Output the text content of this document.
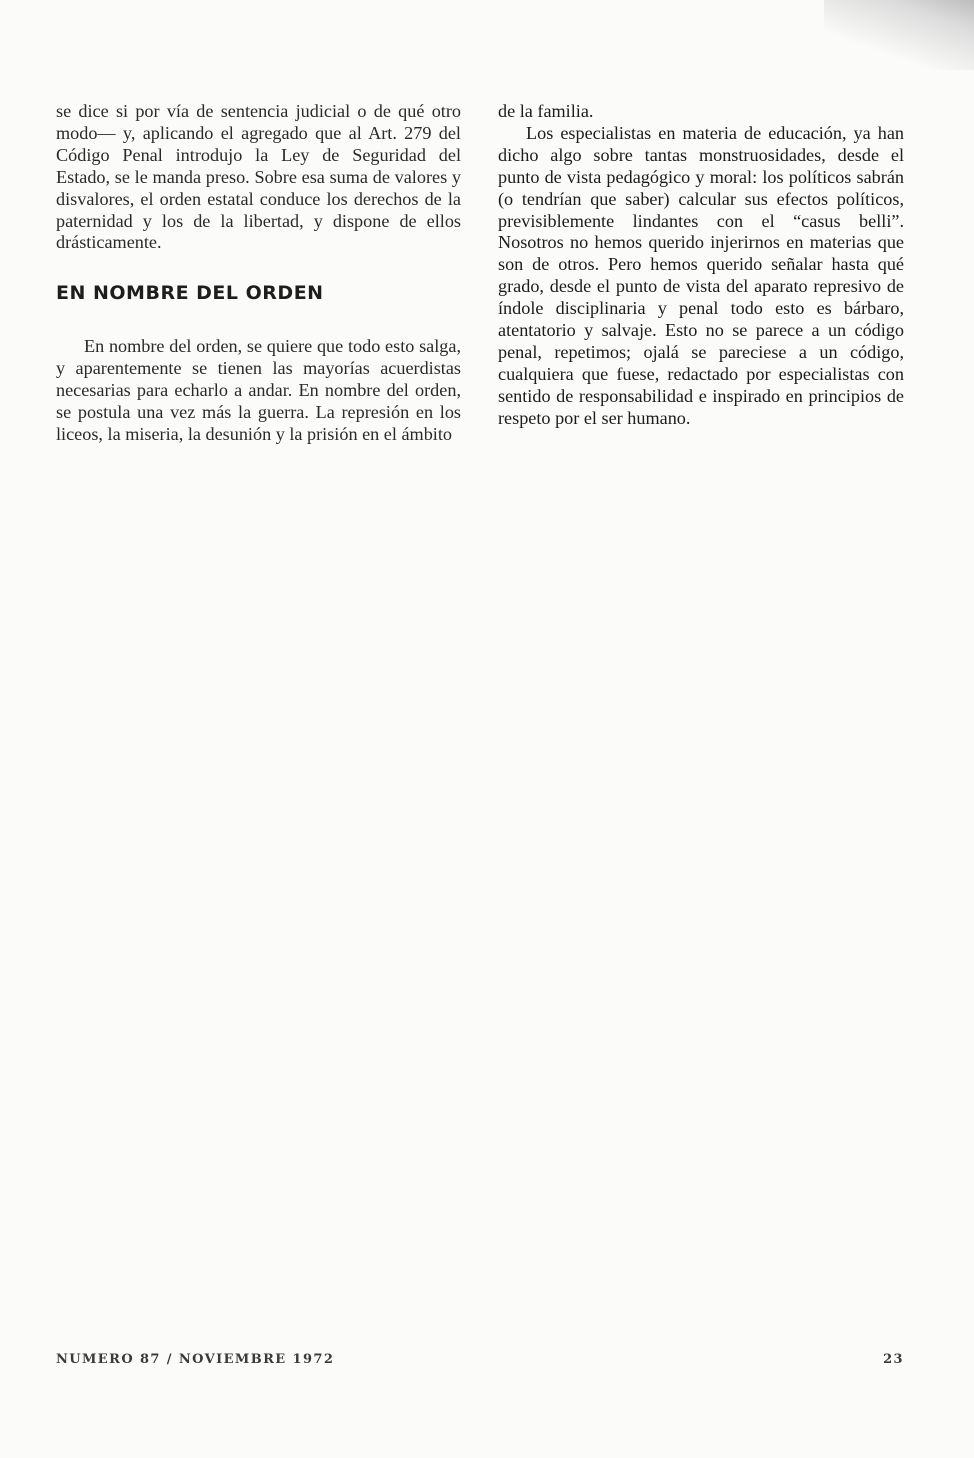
se dice si por vía de sentencia judicial o de qué otro modo— y, aplicando el agregado que al Art. 279 del Código Penal introdujo la Ley de Seguridad del Estado, se le manda preso. Sobre esa suma de valores y disvalores, el orden estatal conduce los derechos de la paternidad y los de la libertad, y dispone de ellos drásticamente.

EN NOMBRE DEL ORDEN

En nombre del orden, se quiere que todo esto salga, y aparentemente se tienen las mayorías acuerdistas necesarias para echarlo a andar. En nombre del orden, se postula una vez más la guerra. La represión en los liceos, la miseria, la desunión y la prisión en el ámbito

de la familia.

Los especialistas en materia de educación, ya han dicho algo sobre tantas monstruosidades, desde el punto de vista pedagógico y moral: los políticos sabrán (o tendrían que saber) calcular sus efectos políticos, previsiblemente lindantes con el “casus belli”. Nosotros no hemos querido injerirnos en materias que son de otros. Pero hemos querido señalar hasta qué grado, desde el punto de vista del aparato represivo de índole disciplinaria y penal todo esto es bárbaro, atentatorio y salvaje. Esto no se parece a un código penal, repetimos; ojalá se pareciese a un código, cualquiera que fuese, redactado por especialistas con sentido de responsabilidad e inspirado en principios de respeto por el ser humano.

NUMERO 87 / NOVIEMBRE 1972	23
